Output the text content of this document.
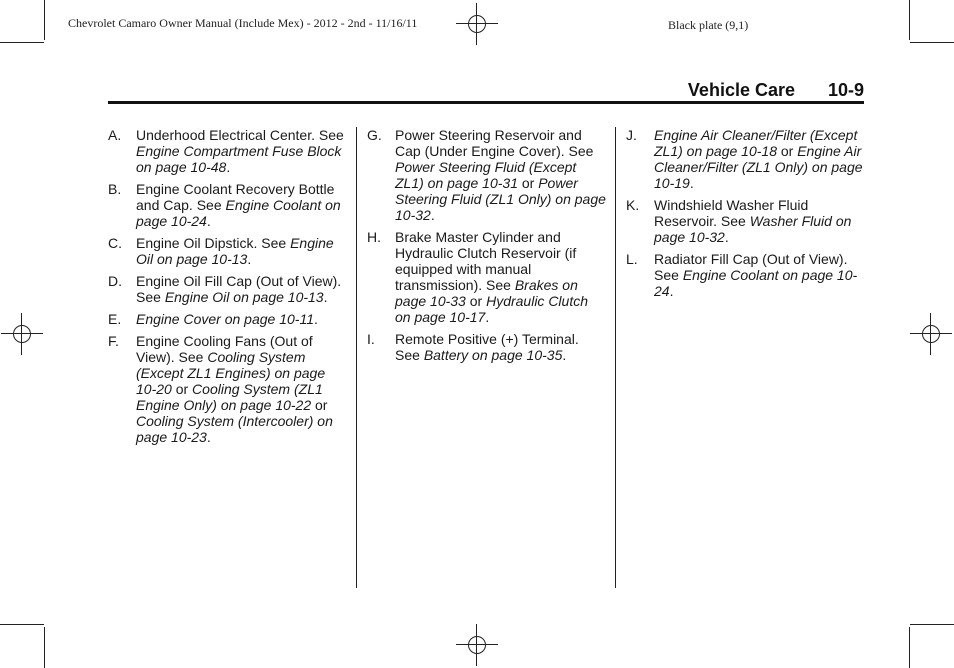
Chevrolet Camaro Owner Manual (Include Mex) - 2012 - 2nd - 11/16/11	Black plate (9,1)
Vehicle Care 10-9
A. Underhood Electrical Center. See Engine Compartment Fuse Block on page 10-48.
B. Engine Coolant Recovery Bottle and Cap. See Engine Coolant on page 10-24.
C. Engine Oil Dipstick. See Engine Oil on page 10-13.
D. Engine Oil Fill Cap (Out of View). See Engine Oil on page 10-13.
E. Engine Cover on page 10-11.
F. Engine Cooling Fans (Out of View). See Cooling System (Except ZL1 Engines) on page 10-20 or Cooling System (ZL1 Engine Only) on page 10-22 or Cooling System (Intercooler) on page 10-23.
G. Power Steering Reservoir and Cap (Under Engine Cover). See Power Steering Fluid (Except ZL1) on page 10-31 or Power Steering Fluid (ZL1 Only) on page 10-32.
H. Brake Master Cylinder and Hydraulic Clutch Reservoir (if equipped with manual transmission). See Brakes on page 10-33 or Hydraulic Clutch on page 10-17.
I. Remote Positive (+) Terminal. See Battery on page 10-35.
J. Engine Air Cleaner/Filter (Except ZL1) on page 10-18 or Engine Air Cleaner/Filter (ZL1 Only) on page 10-19.
K. Windshield Washer Fluid Reservoir. See Washer Fluid on page 10-32.
L. Radiator Fill Cap (Out of View). See Engine Coolant on page 10-24.
